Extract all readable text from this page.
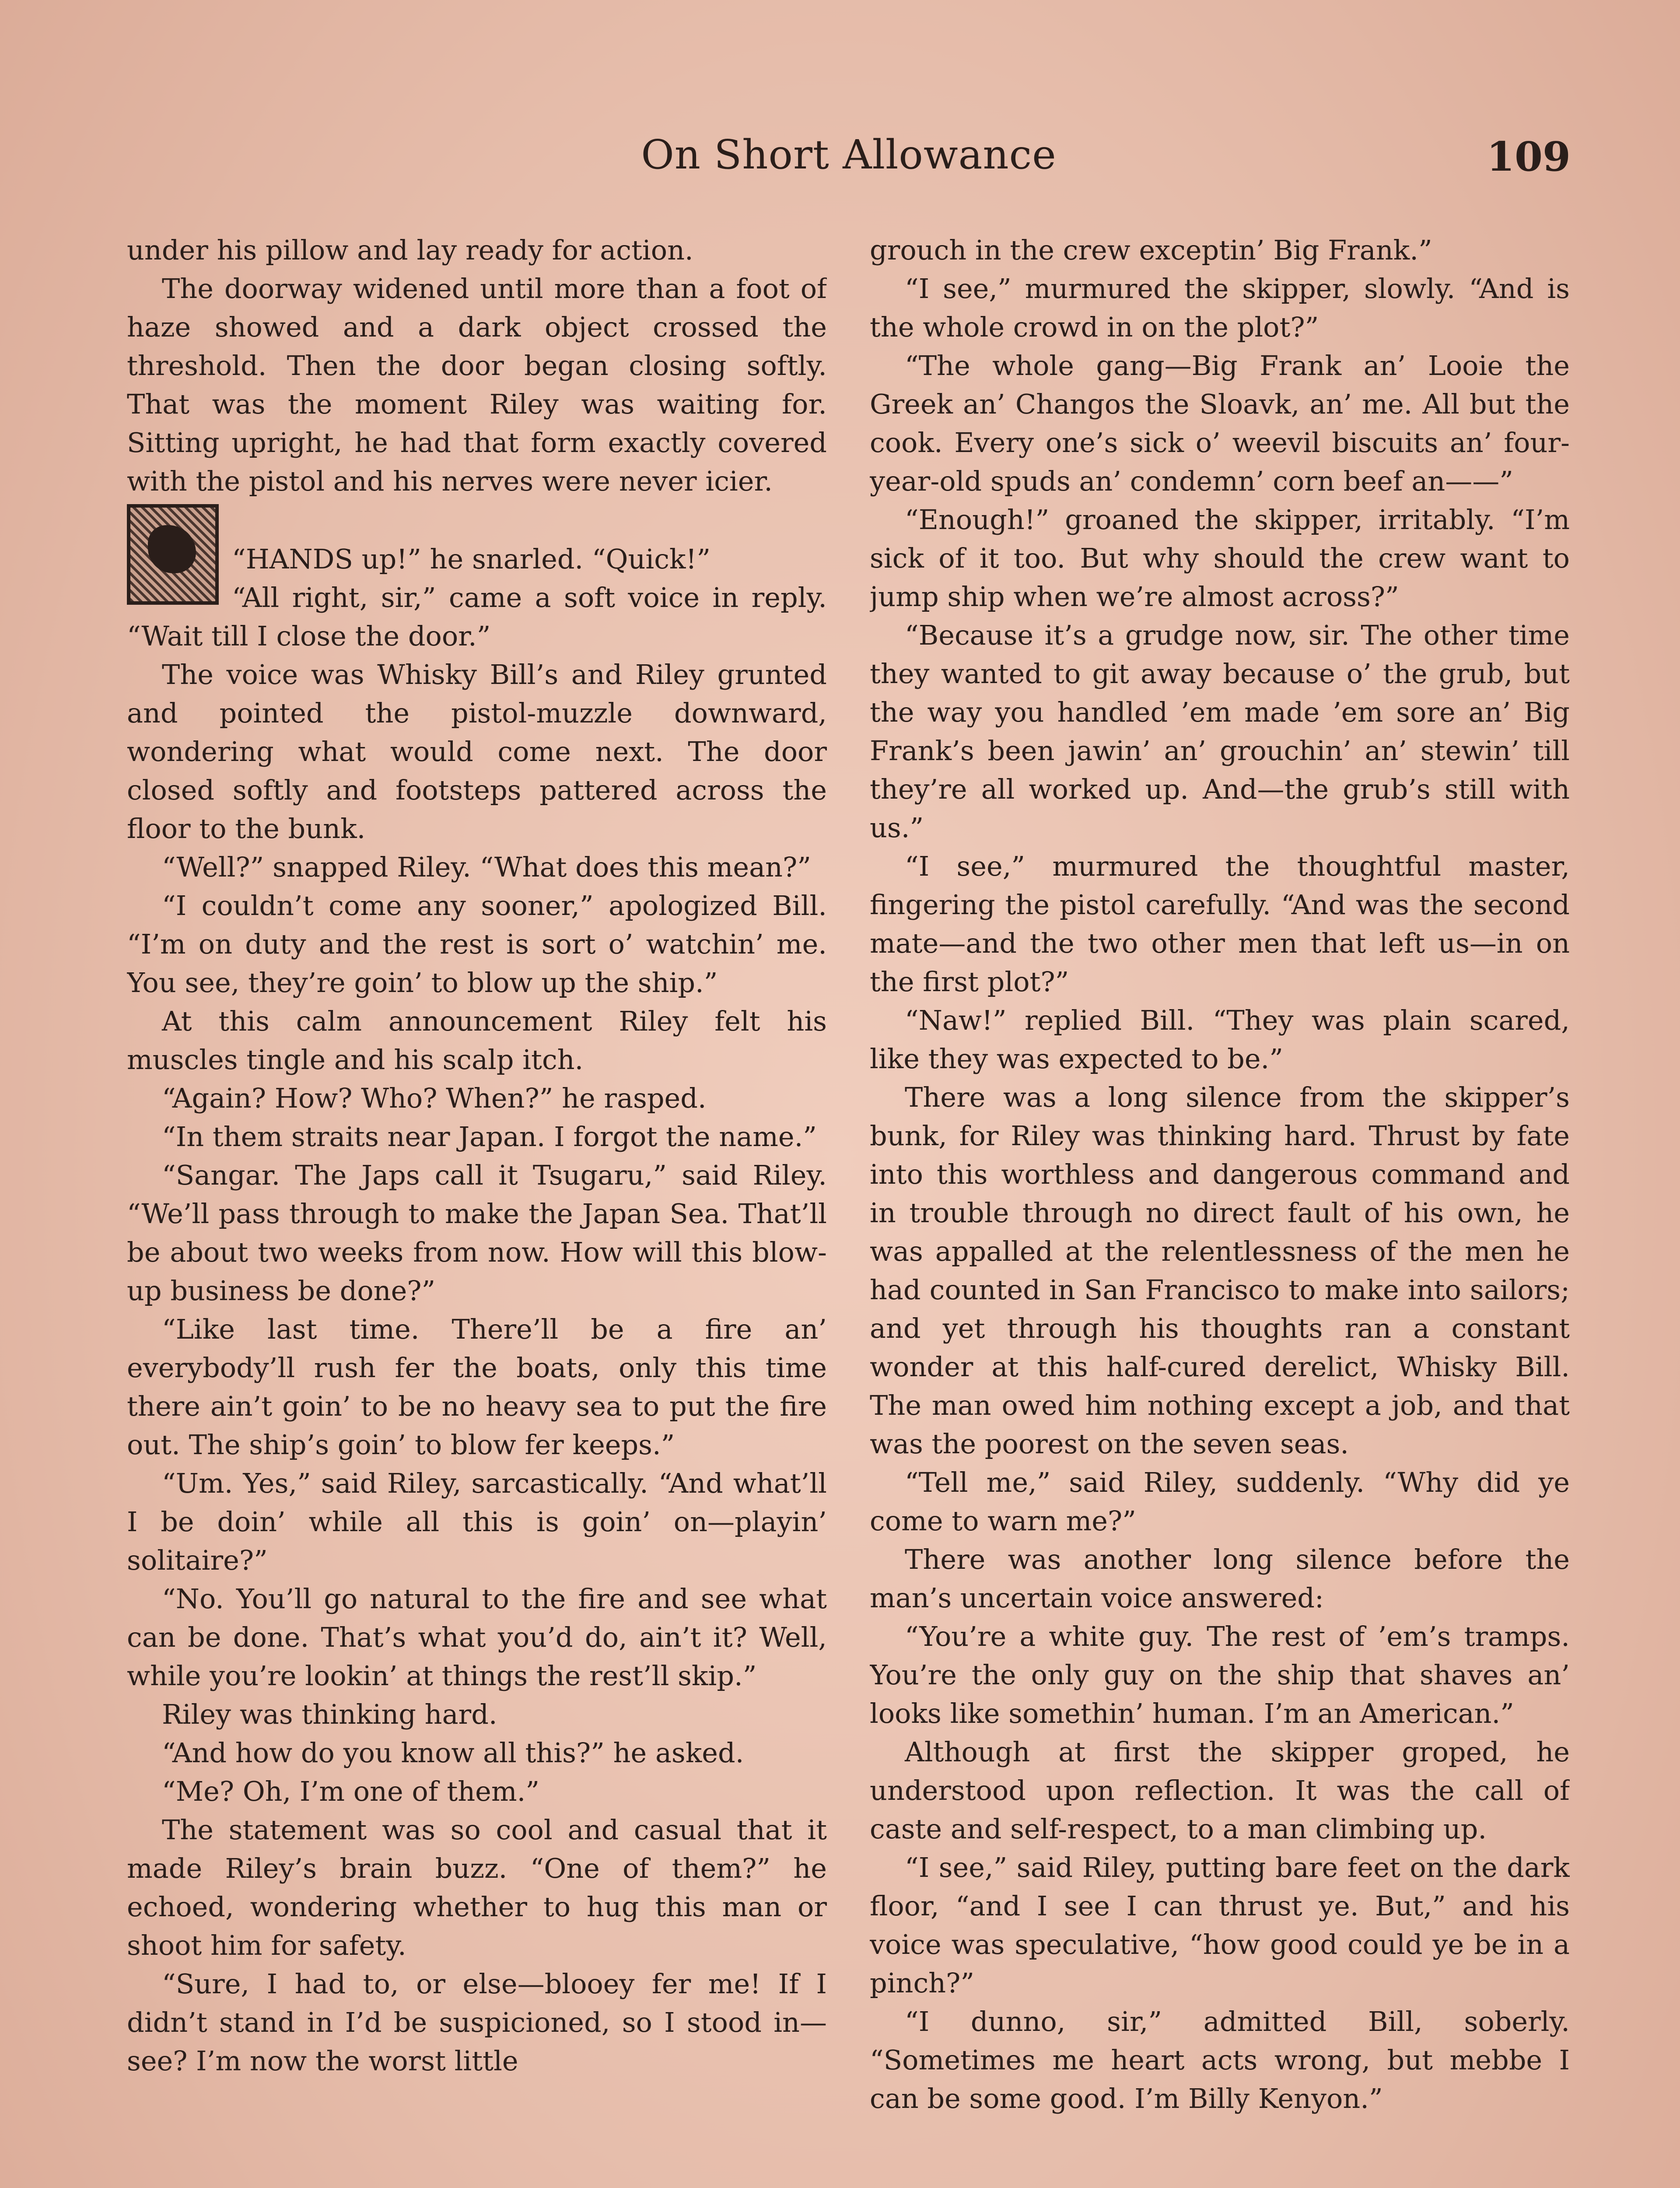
On Short Allowance	109

under his pillow and lay ready for action.

The doorway widened until more than a foot of haze showed and a dark object crossed the threshold. Then the door began closing softly. That was the moment Riley was waiting for. Sitting upright, he had that form exactly covered with the pistol and his nerves were never icier.

“HANDS up!” he snarled. “Quick!”

“All right, sir,” came a soft voice in reply. “Wait till I close the door.”

The voice was Whisky Bill’s and Riley grunted and pointed the pistol-muzzle downward, wondering what would come next. The door closed softly and footsteps pattered across the floor to the bunk.

“Well?” snapped Riley. “What does this mean?”

“I couldn’t come any sooner,” apologized Bill. “I’m on duty and the rest is sort o’ watchin’ me. You see, they’re goin’ to blow up the ship.”

At this calm announcement Riley felt his muscles tingle and his scalp itch.

“Again? How? Who? When?” he rasped.

“In them straits near Japan. I forgot the name.”

“Sangar. The Japs call it Tsugaru,” said Riley. “We’ll pass through to make the Japan Sea. That’ll be about two weeks from now. How will this blow-up business be done?”

“Like last time. There’ll be a fire an’ everybody’ll rush fer the boats, only this time there ain’t goin’ to be no heavy sea to put the fire out. The ship’s goin’ to blow fer keeps.”

“Um. Yes,” said Riley, sarcastically. “And what’ll I be doin’ while all this is goin’ on—playin’ solitaire?”

“No. You’ll go natural to the fire and see what can be done. That’s what you’d do, ain’t it? Well, while you’re lookin’ at things the rest’ll skip.”

Riley was thinking hard.

“And how do you know all this?” he asked.

“Me? Oh, I’m one of them.”

The statement was so cool and casual that it made Riley’s brain buzz. “One of them?” he echoed, wondering whether to hug this man or shoot him for safety.

“Sure, I had to, or else—blooey fer me! If I didn’t stand in I’d be suspicioned, so I stood in—see? I’m now the worst little

grouch in the crew exceptin’ Big Frank.”

“I see,” murmured the skipper, slowly. “And is the whole crowd in on the plot?”

“The whole gang—Big Frank an’ Looie the Greek an’ Changos the Sloavk, an’ me. All but the cook. Every one’s sick o’ weevil biscuits an’ four-year-old spuds an’ condemn’ corn beef an——”

“Enough!” groaned the skipper, irritably. “I’m sick of it too. But why should the crew want to jump ship when we’re almost across?”

“Because it’s a grudge now, sir. The other time they wanted to git away because o’ the grub, but the way you handled ’em made ’em sore an’ Big Frank’s been jawin’ an’ grouchin’ an’ stewin’ till they’re all worked up. And—the grub’s still with us.”

“I see,” murmured the thoughtful master, fingering the pistol carefully. “And was the second mate—and the two other men that left us—in on the first plot?”

“Naw!” replied Bill. “They was plain scared, like they was expected to be.”

There was a long silence from the skipper’s bunk, for Riley was thinking hard. Thrust by fate into this worthless and dangerous command and in trouble through no direct fault of his own, he was appalled at the relentlessness of the men he had counted in San Francisco to make into sailors; and yet through his thoughts ran a constant wonder at this half-cured derelict, Whisky Bill. The man owed him nothing except a job, and that was the poorest on the seven seas.

“Tell me,” said Riley, suddenly. “Why did ye come to warn me?”

There was another long silence before the man’s uncertain voice answered:

“You’re a white guy. The rest of ’em’s tramps. You’re the only guy on the ship that shaves an’ looks like somethin’ human. I’m an American.”

Although at first the skipper groped, he understood upon reflection. It was the call of caste and self-respect, to a man climbing up.

“I see,” said Riley, putting bare feet on the dark floor, “and I see I can thrust ye. But,” and his voice was speculative, “how good could ye be in a pinch?”

“I dunno, sir,” admitted Bill, soberly. “Sometimes me heart acts wrong, but mebbe I can be some good. I’m Billy Kenyon.”
